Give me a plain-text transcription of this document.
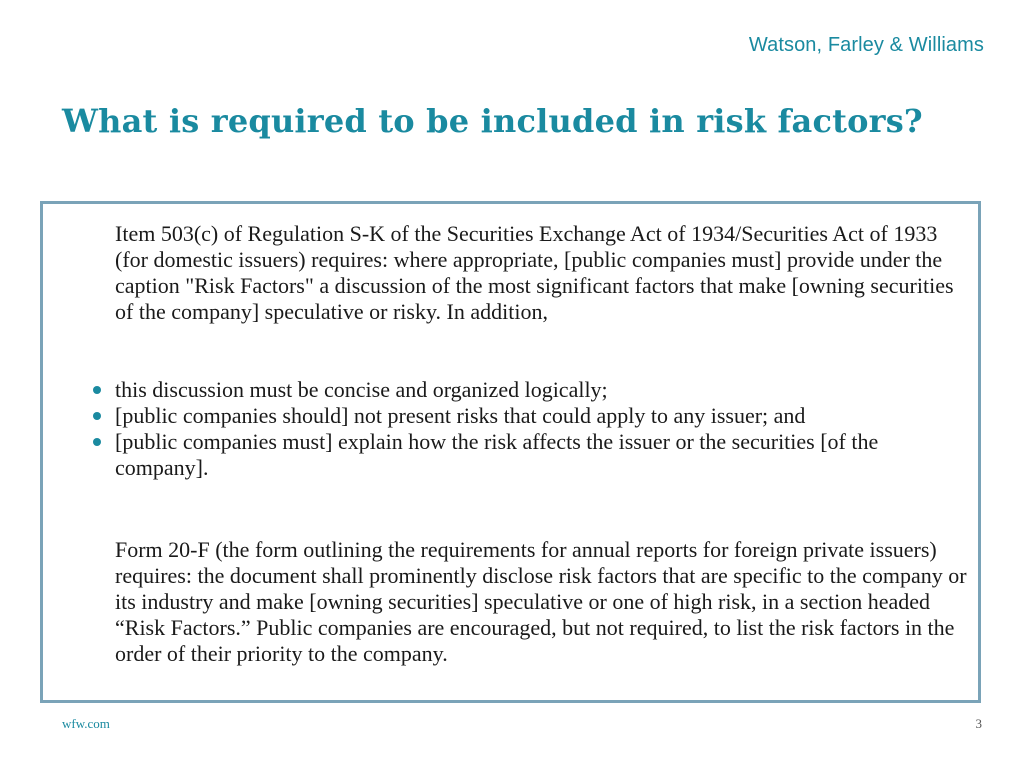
Watson, Farley & Williams
What is required to be included in risk factors?

Item 503(c) of Regulation S-K of the Securities Exchange Act of 1934/Securities Act of 1933 (for domestic issuers) requires: where appropriate, [public companies must] provide under the caption "Risk Factors" a discussion of the most significant factors that make [owning securities of the company] speculative or risky. In addition,

this discussion must be concise and organized logically;
[public companies should] not present risks that could apply to any issuer; and
[public companies must] explain how the risk affects the issuer or the securities [of the company].

Form 20-F (the form outlining the requirements for annual reports for foreign private issuers) requires: the document shall prominently disclose risk factors that are specific to the company or its industry and make [owning securities] speculative or one of high risk, in a section headed “Risk Factors.” Public companies are encouraged, but not required, to list the risk factors in the order of their priority to the company.

wfw.com	3
